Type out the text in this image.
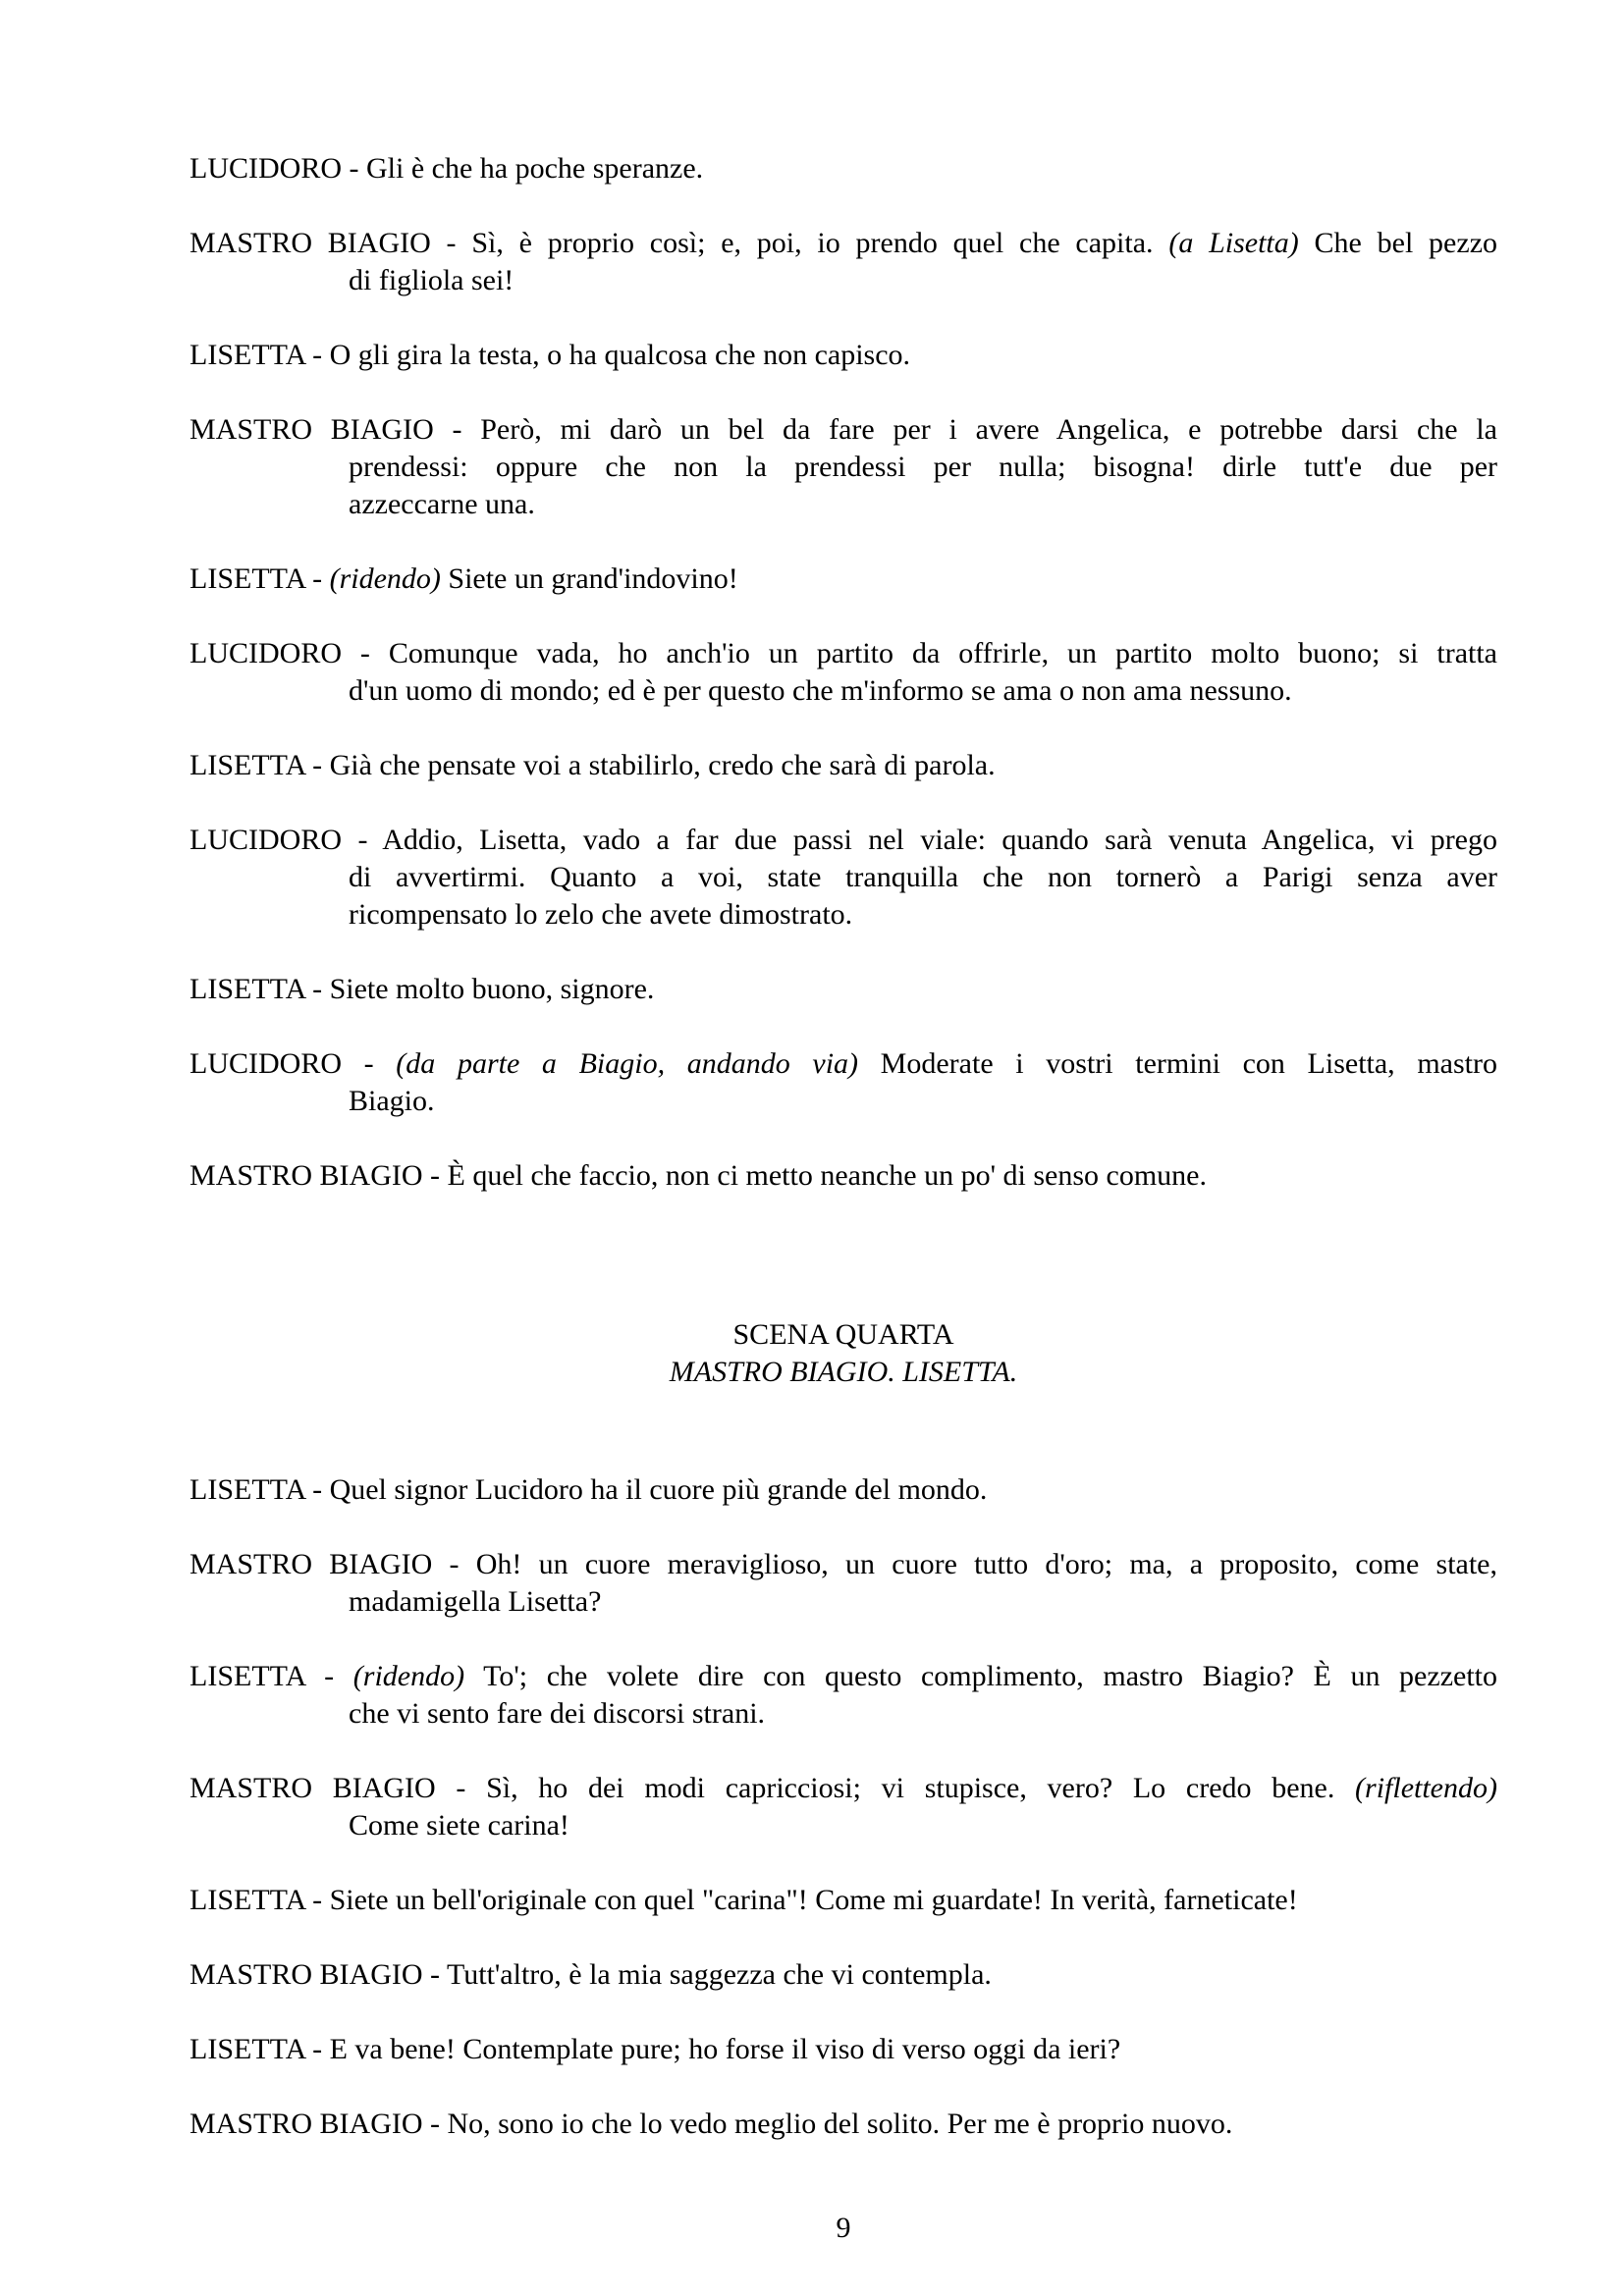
LUCIDORO - Gli è che ha poche speranze.
MASTRO BIAGIO - Sì, è proprio così; e, poi, io prendo quel che capita. (a Lisetta) Che bel pezzo
di figliola sei!
LISETTA - O gli gira la testa, o ha qualcosa che non capisco.
MASTRO BIAGIO - Però, mi darò un bel da fare per i avere Angelica, e potrebbe darsi che la
prendessi: oppure che non la prendessi per nulla; bisogna! dirle tutt'e due per
azzeccarne una.
LISETTA - (ridendo) Siete un grand'indovino!
LUCIDORO - Comunque vada, ho anch'io un partito da offrirle, un partito molto buono; si tratta
d'un uomo di mondo; ed è per questo che m'informo se ama o non ama nessuno.
LISETTA - Già che pensate voi a stabilirlo, credo che sarà di parola.
LUCIDORO - Addio, Lisetta, vado a far due passi nel viale: quando sarà venuta Angelica, vi prego
di avvertirmi. Quanto a voi, state tranquilla che non tornerò a Parigi senza aver
ricompensato lo zelo che avete dimostrato.
LISETTA - Siete molto buono, signore.
LUCIDORO - (da parte a Biagio, andando via) Moderate i vostri termini con Lisetta, mastro
Biagio.
MASTRO BIAGIO - È quel che faccio, non ci metto neanche un po' di senso comune.
SCENA QUARTA
MASTRO BIAGIO. LISETTA.
LISETTA - Quel signor Lucidoro ha il cuore più grande del mondo.
MASTRO BIAGIO - Oh! un cuore meraviglioso, un cuore tutto d'oro; ma, a proposito, come state,
madamigella Lisetta?
LISETTA - (ridendo) To'; che volete dire con questo complimento, mastro Biagio? È un pezzetto
che vi sento fare dei discorsi strani.
MASTRO BIAGIO - Sì, ho dei modi capricciosi; vi stupisce, vero? Lo credo bene. (riflettendo)
Come siete carina!
LISETTA - Siete un bell'originale con quel "carina"! Come mi guardate! In verità, farneticate!
MASTRO BIAGIO - Tutt'altro, è la mia saggezza che vi contempla.
LISETTA - E va bene! Contemplate pure; ho forse il viso di verso oggi da ieri?
MASTRO BIAGIO - No, sono io che lo vedo meglio del solito. Per me è proprio nuovo.
9
